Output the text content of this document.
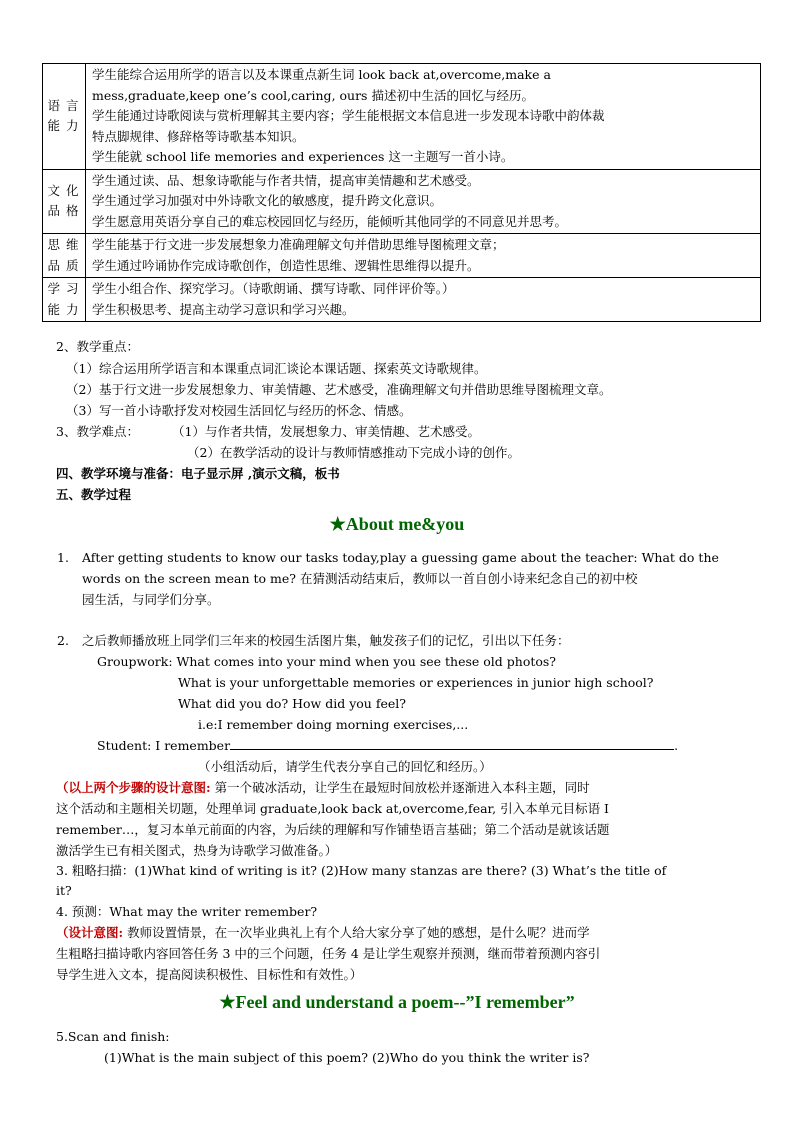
语言
能力	学生能综合运用所学的语言以及本课重点新生词 look back at,overcome,make a
mess,graduate,keep one’s cool,caring, ours 描述初中生活的回忆与经历。
学生能通过诗歌阅读与赏析理解其主要内容；学生能根据文本信息进一步发现本诗歌中韵体裁
特点脚规律、修辞格等诗歌基本知识。
学生能就 school life memories and experiences 这一主题写一首小诗。

文化
品格	学生通过读、品、想象诗歌能与作者共情，提高审美情趣和艺术感受。
学生通过学习加强对中外诗歌文化的敏感度，提升跨文化意识。
学生愿意用英语分享自己的难忘校园回忆与经历，能倾听其他同学的不同意见并思考。

思维
品质	学生能基于行文进一步发展想象力准确理解文句并借助思维导图梳理文章；
学生通过吟诵协作完成诗歌创作，创造性思维、逻辑性思维得以提升。

学习
能力	学生小组合作、探究学习。（诗歌朗诵、撰写诗歌、同伴评价等。）
学生积极思考、提高主动学习意识和学习兴趣。
2、教学重点：
（1）综合运用所学语言和本课重点词汇谈论本课话题、探索英文诗歌规律。
（2）基于行文进一步发展想象力、审美情趣、艺术感受，准确理解文句并借助思维导图梳理文章。
（3）写一首小诗歌抒发对校园生活回忆与经历的怀念、情感。
3、教学难点：	（1）与作者共情，发展想象力、审美情趣、艺术感受。
（2）在教学活动的设计与教师情感推动下完成小诗的创作。
四、教学环境与准备：电子显示屏 ,演示文稿，板书
五、教学过程
★About me&you
1. After getting students to know our tasks today,play a guessing game about the teacher: What do the
words on the screen mean to me? 在猜测活动结束后，教师以一首自创小诗来纪念自己的初中校
园生活，与同学们分享。
2. 之后教师播放班上同学们三年来的校园生活图片集，触发孩子们的记忆，引出以下任务：
Groupwork: What comes into your mind when you see these old photos?
What is your unforgettable memories or experiences in junior high school?
What did you do? How did you feel?
i.e:I remember doing morning exercises,...
Student: I remember	.
（小组活动后，请学生代表分享自己的回忆和经历。）
（以上两个步骤的设计意图: 第一个破冰活动，让学生在最短时间放松并逐渐进入本科主题，同时
这个活动和主题相关切题，处理单词 graduate,look back at,overcome,fear, 引入本单元目标语 I
remember…，复习本单元前面的内容，为后续的理解和写作铺垫语言基础；第二个活动是就该话题
激活学生已有相关图式，热身为诗歌学习做准备。）
3. 粗略扫描：(1)What kind of writing is it? (2)How many stanzas are there? (3) What’s the title of
it?
4. 预测：What may the writer remember?
（设计意图: 教师设置情景，在一次毕业典礼上有个人给大家分享了她的感想，是什么呢？进而学
生粗略扫描诗歌内容回答任务 3 中的三个问题，任务 4 是让学生观察并预测，继而带着预测内容引
导学生进入文本，提高阅读积极性、目标性和有效性。）
★Feel and understand a poem--”I remember”
5.Scan and finish:
(1)What is the main subject of this poem? (2)Who do you think the writer is?
